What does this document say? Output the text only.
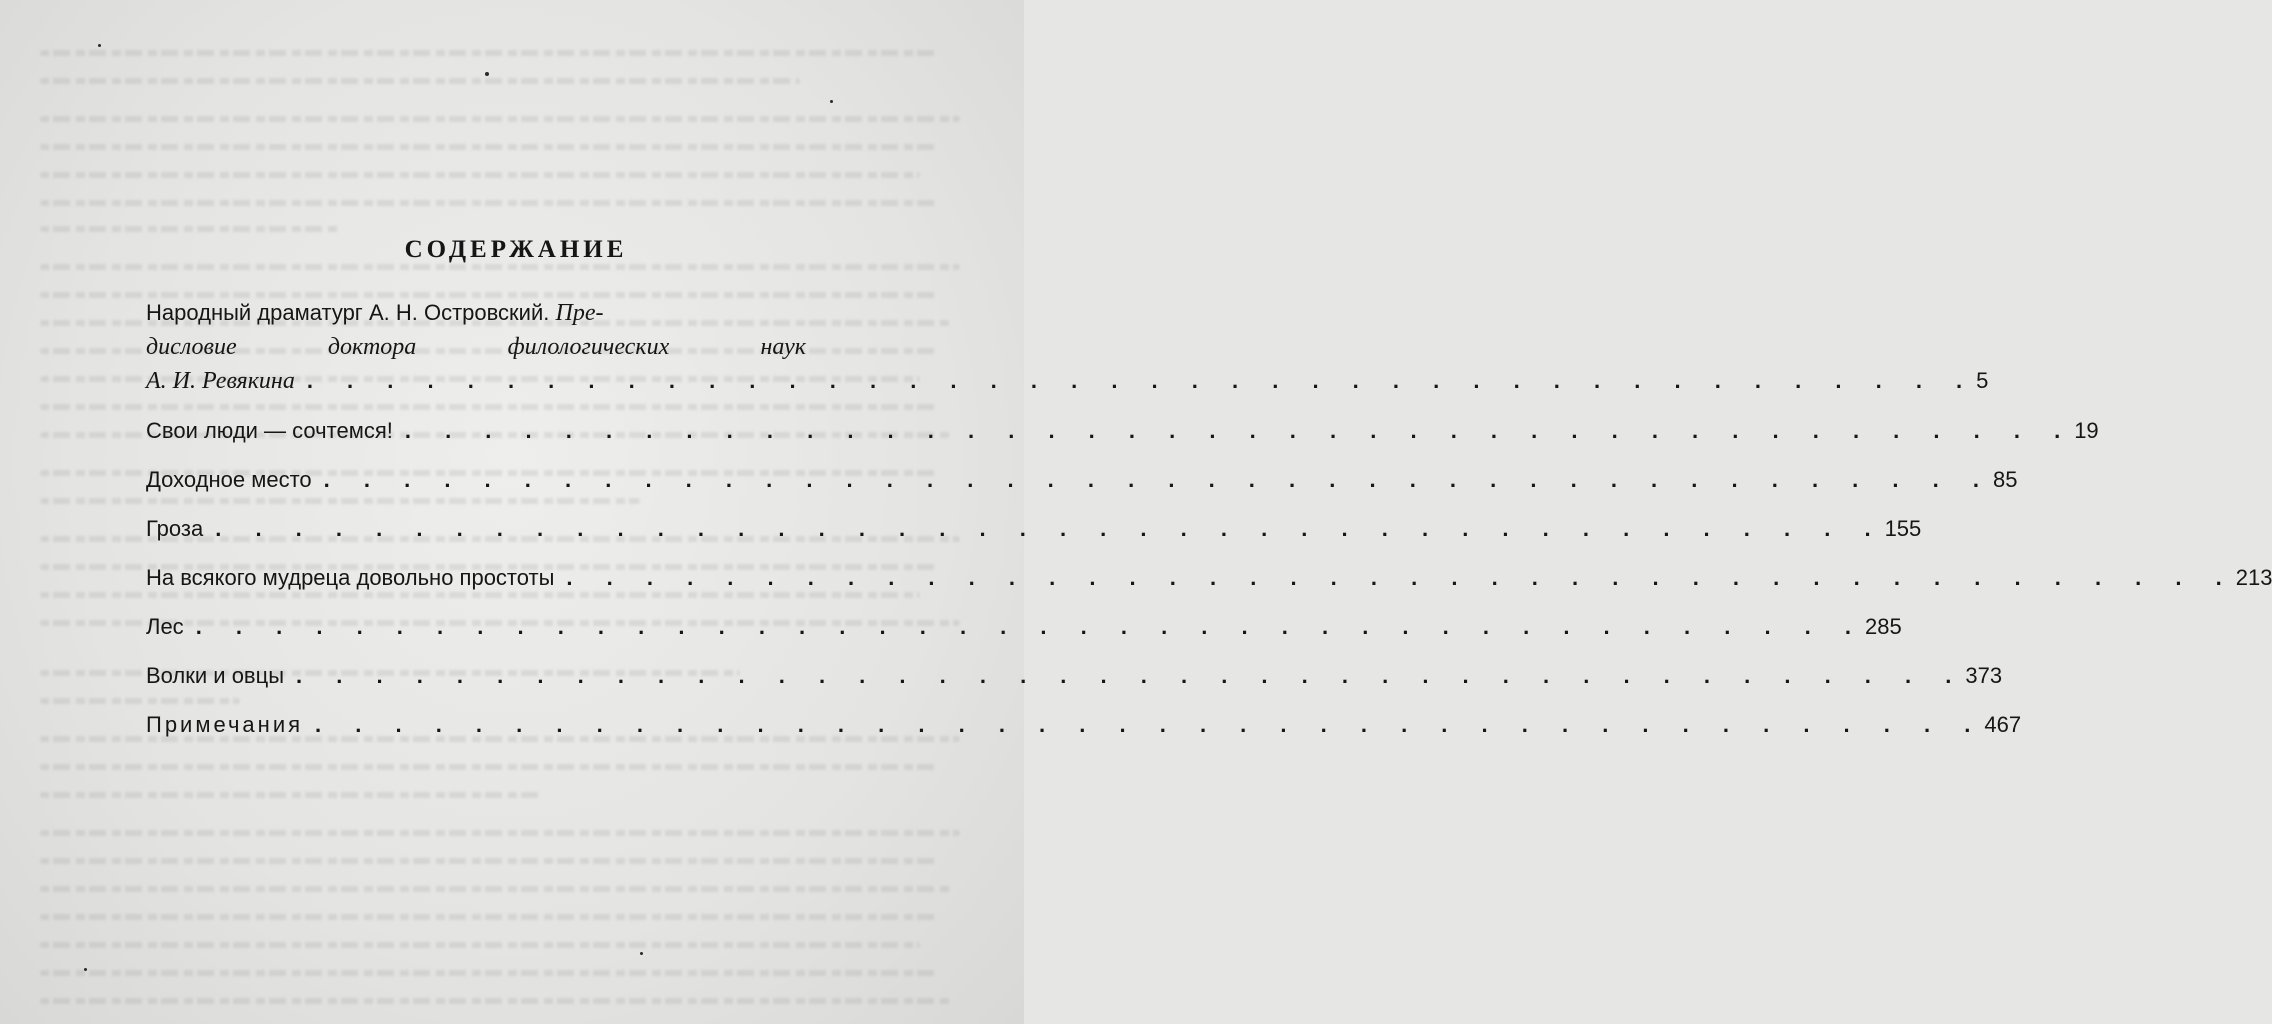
СОДЕРЖАНИЕ
Народный драматург А. Н. Островский. Пре-
дисловие	доктора	филологических	наук
А. И. Ревякина . . . . . . . . . . . . . . . . . . . . . . . . . . . . . . . . . . . . . . . . . . 5
Свои люди — сочтемся! . . . . . . . . . . . . . . . . . . . . . . . . . . . . . . . . . . . . . . . . . . 19
Доходное место . . . . . . . . . . . . . . . . . . . . . . . . . . . . . . . . . . . . . . . . . . 85
Гроза . . . . . . . . . . . . . . . . . . . . . . . . . . . . . . . . . . . . . . . . . . 155
На всякого мудреца довольно простоты . . . . . . . . . . . . . . . . . . . . . . . . . . . . . . . . . . . . . . . . . . 213
Лес . . . . . . . . . . . . . . . . . . . . . . . . . . . . . . . . . . . . . . . . . . 285
Волки и овцы . . . . . . . . . . . . . . . . . . . . . . . . . . . . . . . . . . . . . . . . . . 373
Примечания . . . . . . . . . . . . . . . . . . . . . . . . . . . . . . . . . . . . . . . . . . 467
